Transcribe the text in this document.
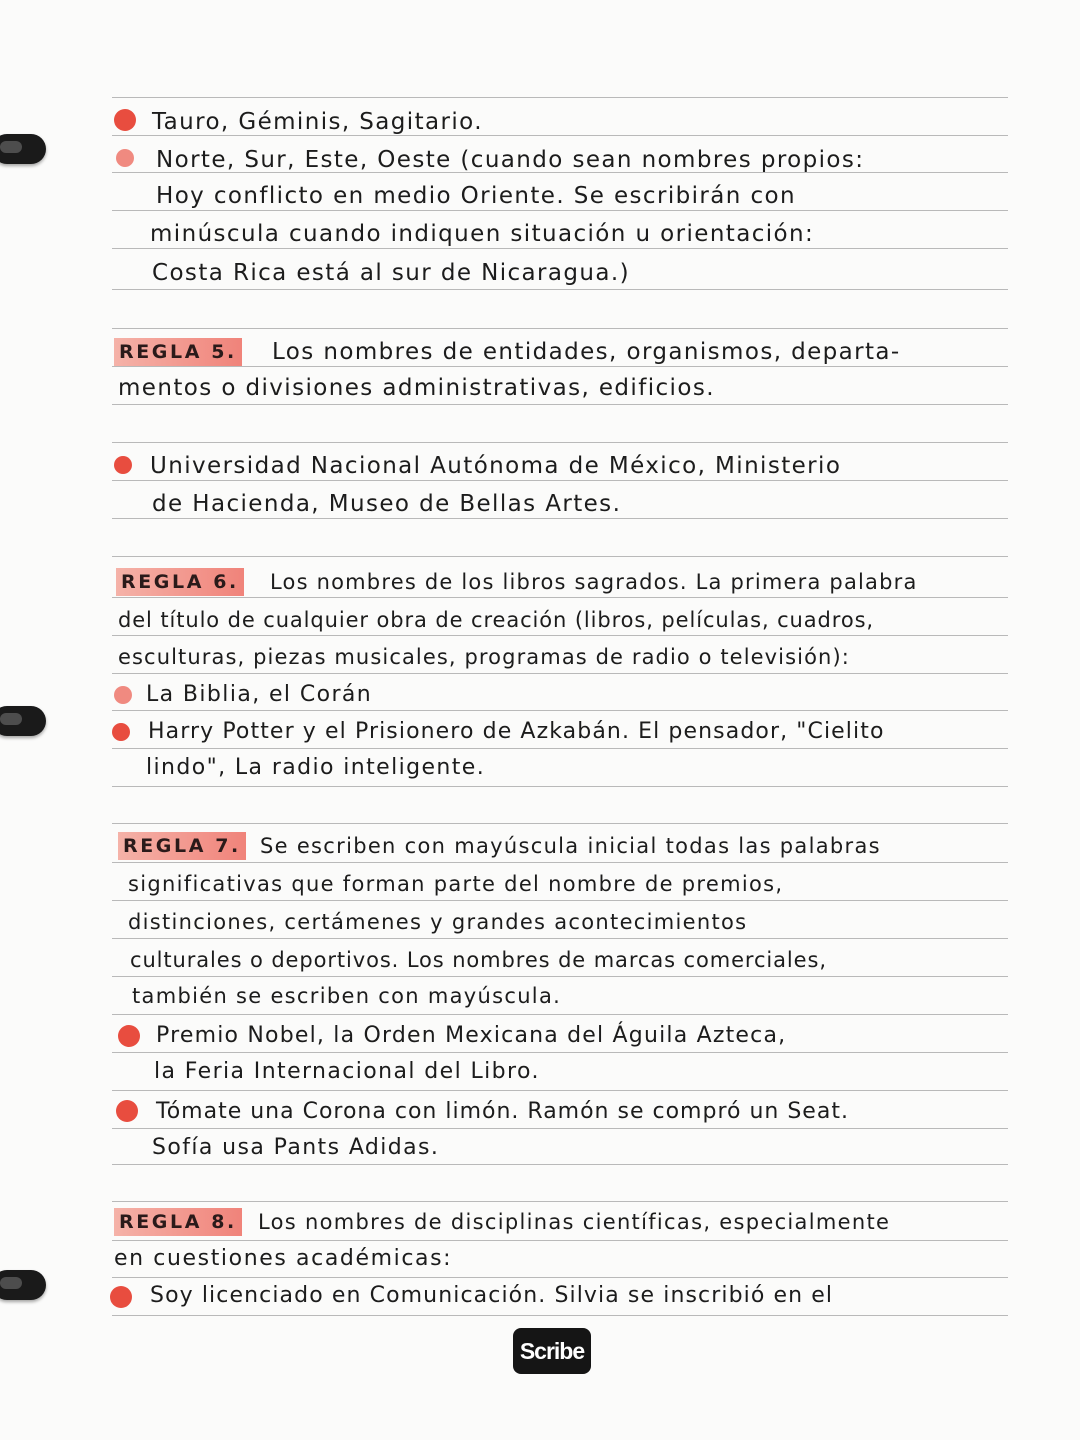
Tauro, Géminis, Sagitario.
Norte, Sur, Este, Oeste (cuando sean nombres propios:
Hoy conflicto en medio Oriente. Se escribirán con
minúscula cuando indiquen situación u orientación:
Costa Rica está al sur de Nicaragua.)
REGLA 5. Los nombres de entidades, organismos, departa-
mentos o divisiones administrativas, edificios.
Universidad Nacional Autónoma de México, Ministerio
de Hacienda, Museo de Bellas Artes.
REGLA 6. Los nombres de los libros sagrados. La primera palabra
del título de cualquier obra de creación (libros, películas, cuadros,
esculturas, piezas musicales, programas de radio o televisión):
La Biblia, el Corán
Harry Potter y el Prisionero de Azkabán. El pensador, "Cielito
lindo", La radio inteligente.
REGLA 7. Se escriben con mayúscula inicial todas las palabras
significativas que forman parte del nombre de premios,
distinciones, certámenes y grandes acontecimientos
culturales o deportivos. Los nombres de marcas comerciales,
también se escriben con mayúscula.
Premio Nobel, la Orden Mexicana del Águila Azteca,
la Feria Internacional del Libro.
Tómate una Corona con limón. Ramón se compró un Seat.
Sofía usa Pants Adidas.
REGLA 8. Los nombres de disciplinas científicas, especialmente
en cuestiones académicas:
Soy licenciado en Comunicación. Silvia se inscribió en el
Scribe
